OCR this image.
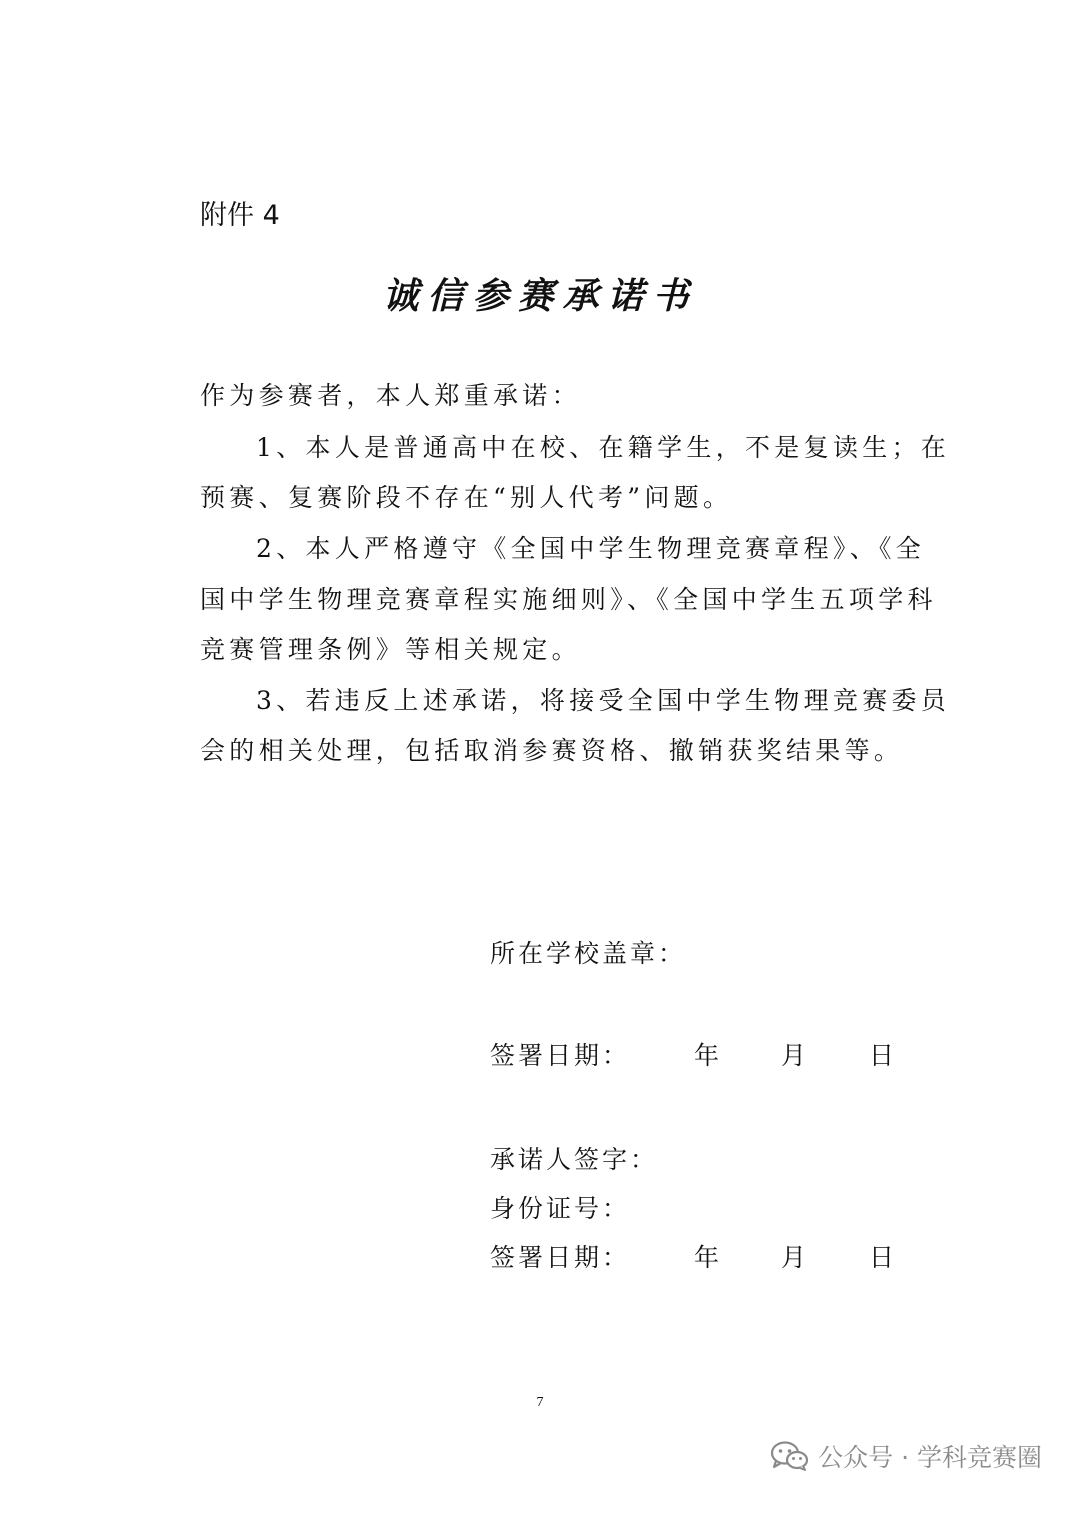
附件 4
诚信参赛承诺书
作为参赛者，本人郑重承诺：
1、本人是普通高中在校、在籍学生，不是复读生；在
预赛、复赛阶段不存在“别人代考”问题。
2、本人严格遵守《全国中学生物理竞赛章程》、《全
国中学生物理竞赛章程实施细则》、《全国中学生五项学科
竞赛管理条例》等相关规定。
3、若违反上述承诺，将接受全国中学生物理竞赛委员
会的相关处理，包括取消参赛资格、撤销获奖结果等。
所在学校盖章：
签署日期：	年 月 日
承诺人签字：
身份证号：
签署日期：	年 月 日
7
公众号 · 学科竞赛圈
